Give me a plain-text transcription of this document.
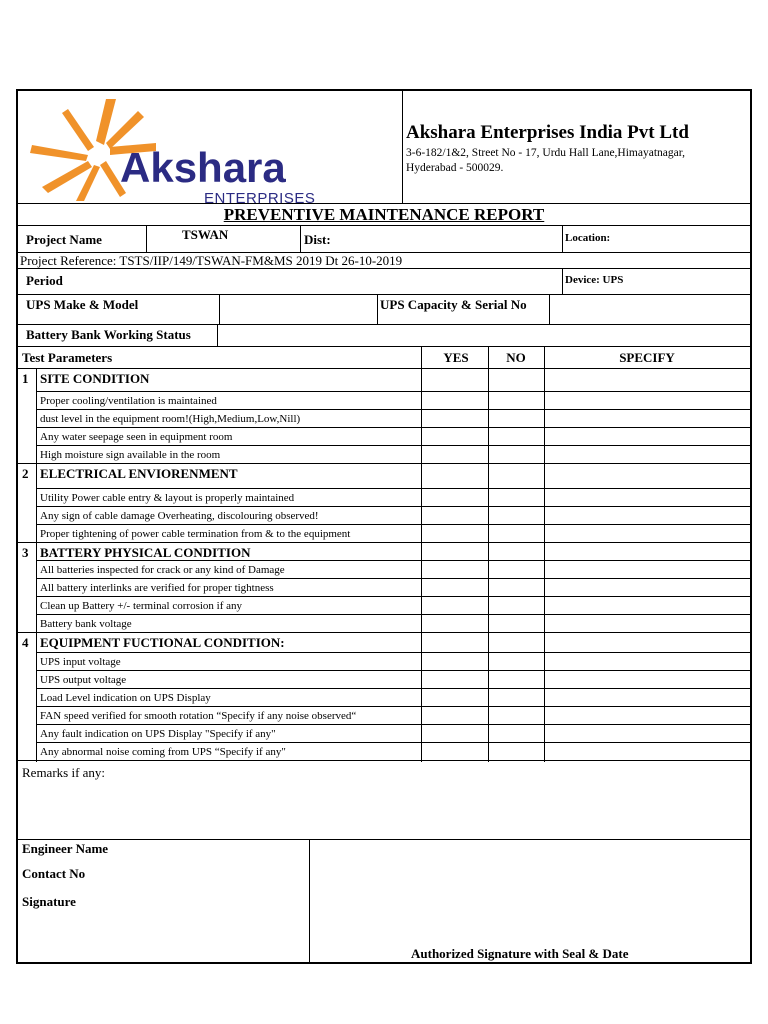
Akshara
ENTERPRISES
Akshara Enterprises India Pvt Ltd
3-6-182/1&2, Street No - 17, Urdu Hall Lane,Himayatnagar,
Hyderabad - 500029.
PREVENTIVE MAINTENANCE REPORT
Project Name	TSWAN	Dist:	Location:
Project Reference: TSTS/IIP/149/TSWAN-FM&MS 2019 Dt 26-10-2019
Period	Device: UPS
UPS Make & Model	UPS Capacity & Serial No
Battery Bank Working Status
Test Parameters	YES	NO	SPECIFY
1 SITE CONDITION
Proper cooling/ventilation is maintained
dust level in the equipment room!(High,Medium,Low,Nill)
Any water seepage seen in equipment room
High moisture sign available in the room
2 ELECTRICAL ENVIORENMENT
Utility Power cable entry & layout is properly maintained
Any sign of cable damage Overheating, discolouring observed!
Proper tightening of power cable termination from & to the equipment
3 BATTERY PHYSICAL CONDITION
All batteries inspected for crack or any kind of Damage
All battery interlinks are verified for proper tightness
Clean up Battery +/- terminal corrosion if any
Battery bank voltage
4 EQUIPMENT FUCTIONAL CONDITION:
UPS input voltage
UPS output voltage
Load Level indication on UPS Display
FAN speed verified for smooth rotation “Specify if any noise observed“
Any fault indication on UPS Display "Specify if any"
Any abnormal noise coming from UPS “Specify if any"
Remarks if any:
Engineer Name
Contact No
Signature
Authorized Signature with Seal & Date
